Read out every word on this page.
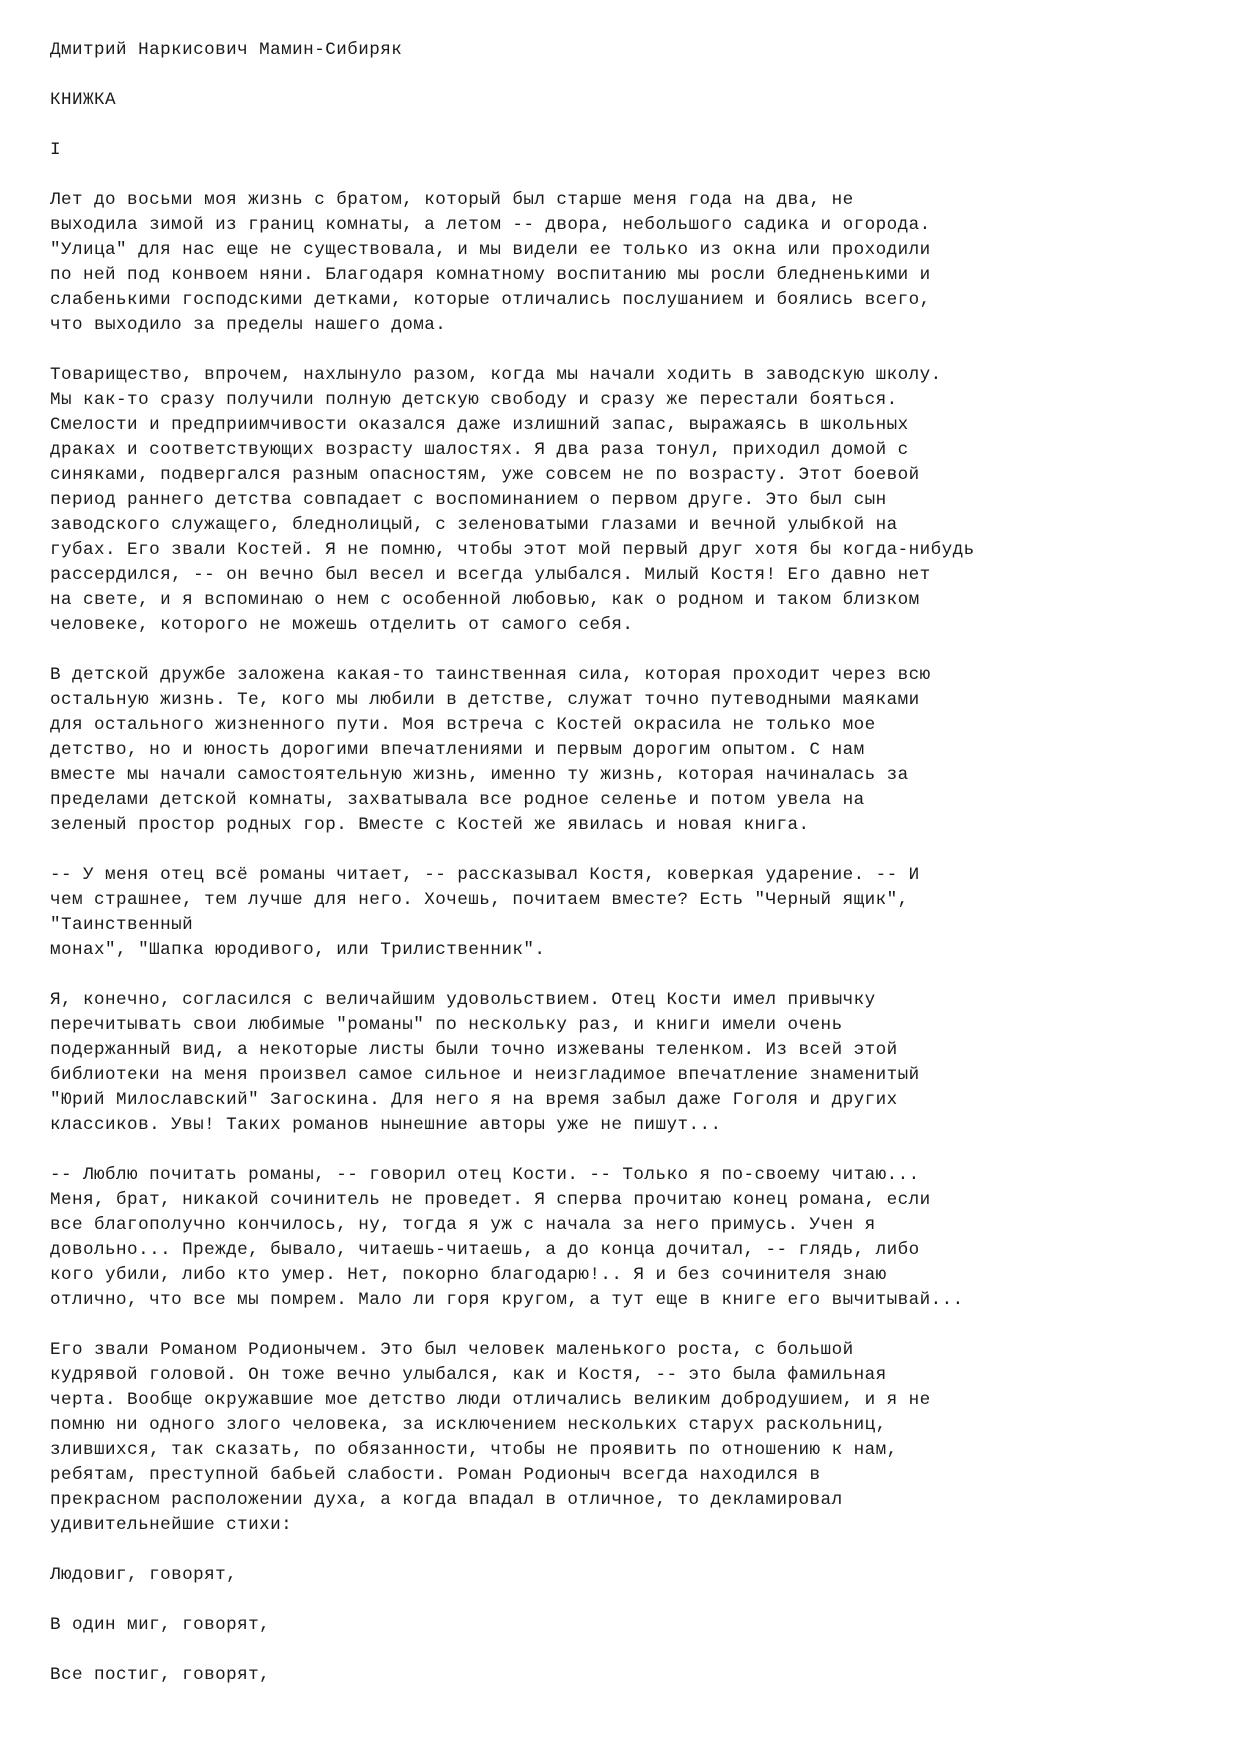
Дмитрий Наркисович Мамин-Сибиряк
КНИЖКА
I
Лет до восьми моя жизнь с братом, который был старше меня года на два, не
выходила зимой из границ комнаты, а летом -- двора, небольшого садика и огорода.
"Улица" для нас еще не существовала, и мы видели ее только из окна или проходили
по ней под конвоем няни. Благодаря комнатному воспитанию мы росли бледненькими и
слабенькими господскими детками, которые отличались послушанием и боялись всего,
что выходило за пределы нашего дома.
Товарищество, впрочем, нахлынуло разом, когда мы начали ходить в заводскую школу.
Мы как-то сразу получили полную детскую свободу и сразу же перестали бояться.
Смелости и предприимчивости оказался даже излишний запас, выражаясь в школьных
драках и соответствующих возрасту шалостях. Я два раза тонул, приходил домой с
синяками, подвергался разным опасностям, уже совсем не по возрасту. Этот боевой
период раннего детства совпадает с воспоминанием о первом друге. Это был сын
заводского служащего, бледнолицый, с зеленоватыми глазами и вечной улыбкой на
губах. Его звали Костей. Я не помню, чтобы этот мой первый друг хотя бы когда-нибудь
рассердился, -- он вечно был весел и всегда улыбался. Милый Костя! Его давно нет
на свете, и я вспоминаю о нем с особенной любовью, как о родном и таком близком
человеке, которого не можешь отделить от самого себя.
В детской дружбе заложена какая-то таинственная сила, которая проходит через всю
остальную жизнь. Те, кого мы любили в детстве, служат точно путеводными маяками
для остального жизненного пути. Моя встреча с Костей окрасила не только мое
детство, но и юность дорогими впечатлениями и первым дорогим опытом. С нам
вместе мы начали самостоятельную жизнь, именно ту жизнь, которая начиналась за
пределами детской комнаты, захватывала все родное селенье и потом увела на
зеленый простор родных гор. Вместе с Костей же явилась и новая книга.
-- У меня отец всё романы читает, -- рассказывал Костя, коверкая ударение. -- И
чем страшнее, тем лучше для него. Хочешь, почитаем вместе? Есть "Черный ящик",
"Таинственный
монах", "Шапка юродивого, или Трилиственник".
Я, конечно, согласился с величайшим удовольствием. Отец Кости имел привычку
перечитывать свои любимые "романы" по нескольку раз, и книги имели очень
подержанный вид, а некоторые листы были точно изжеваны теленком. Из всей этой
библиотеки на меня произвел самое сильное и неизгладимое впечатление знаменитый
"Юрий Милославский" Загоскина. Для него я на время забыл даже Гоголя и других
классиков. Увы! Таких романов нынешние авторы уже не пишут...
-- Люблю почитать романы, -- говорил отец Кости. -- Только я по-своему читаю...
Меня, брат, никакой сочинитель не проведет. Я сперва прочитаю конец романа, если
все благополучно кончилось, ну, тогда я уж с начала за него примусь. Учен я
довольно... Прежде, бывало, читаешь-читаешь, а до конца дочитал, -- глядь, либо
кого убили, либо кто умер. Нет, покорно благодарю!.. Я и без сочинителя знаю
отлично, что все мы помрем. Мало ли горя кругом, а тут еще в книге его вычитывай...
Его звали Романом Родионычем. Это был человек маленького роста, с большой
кудрявой головой. Он тоже вечно улыбался, как и Костя, -- это была фамильная
черта. Вообще окружавшие мое детство люди отличались великим добродушием, и я не
помню ни одного злого человека, за исключением нескольких старух раскольниц,
злившихся, так сказать, по обязанности, чтобы не проявить по отношению к нам,
ребятам, преступной бабьей слабости. Роман Родионыч всегда находился в
прекрасном расположении духа, а когда впадал в отличное, то декламировал
удивительнейшие стихи:
Людовиг, говорят,
В один миг, говорят,
Все постиг, говорят,
